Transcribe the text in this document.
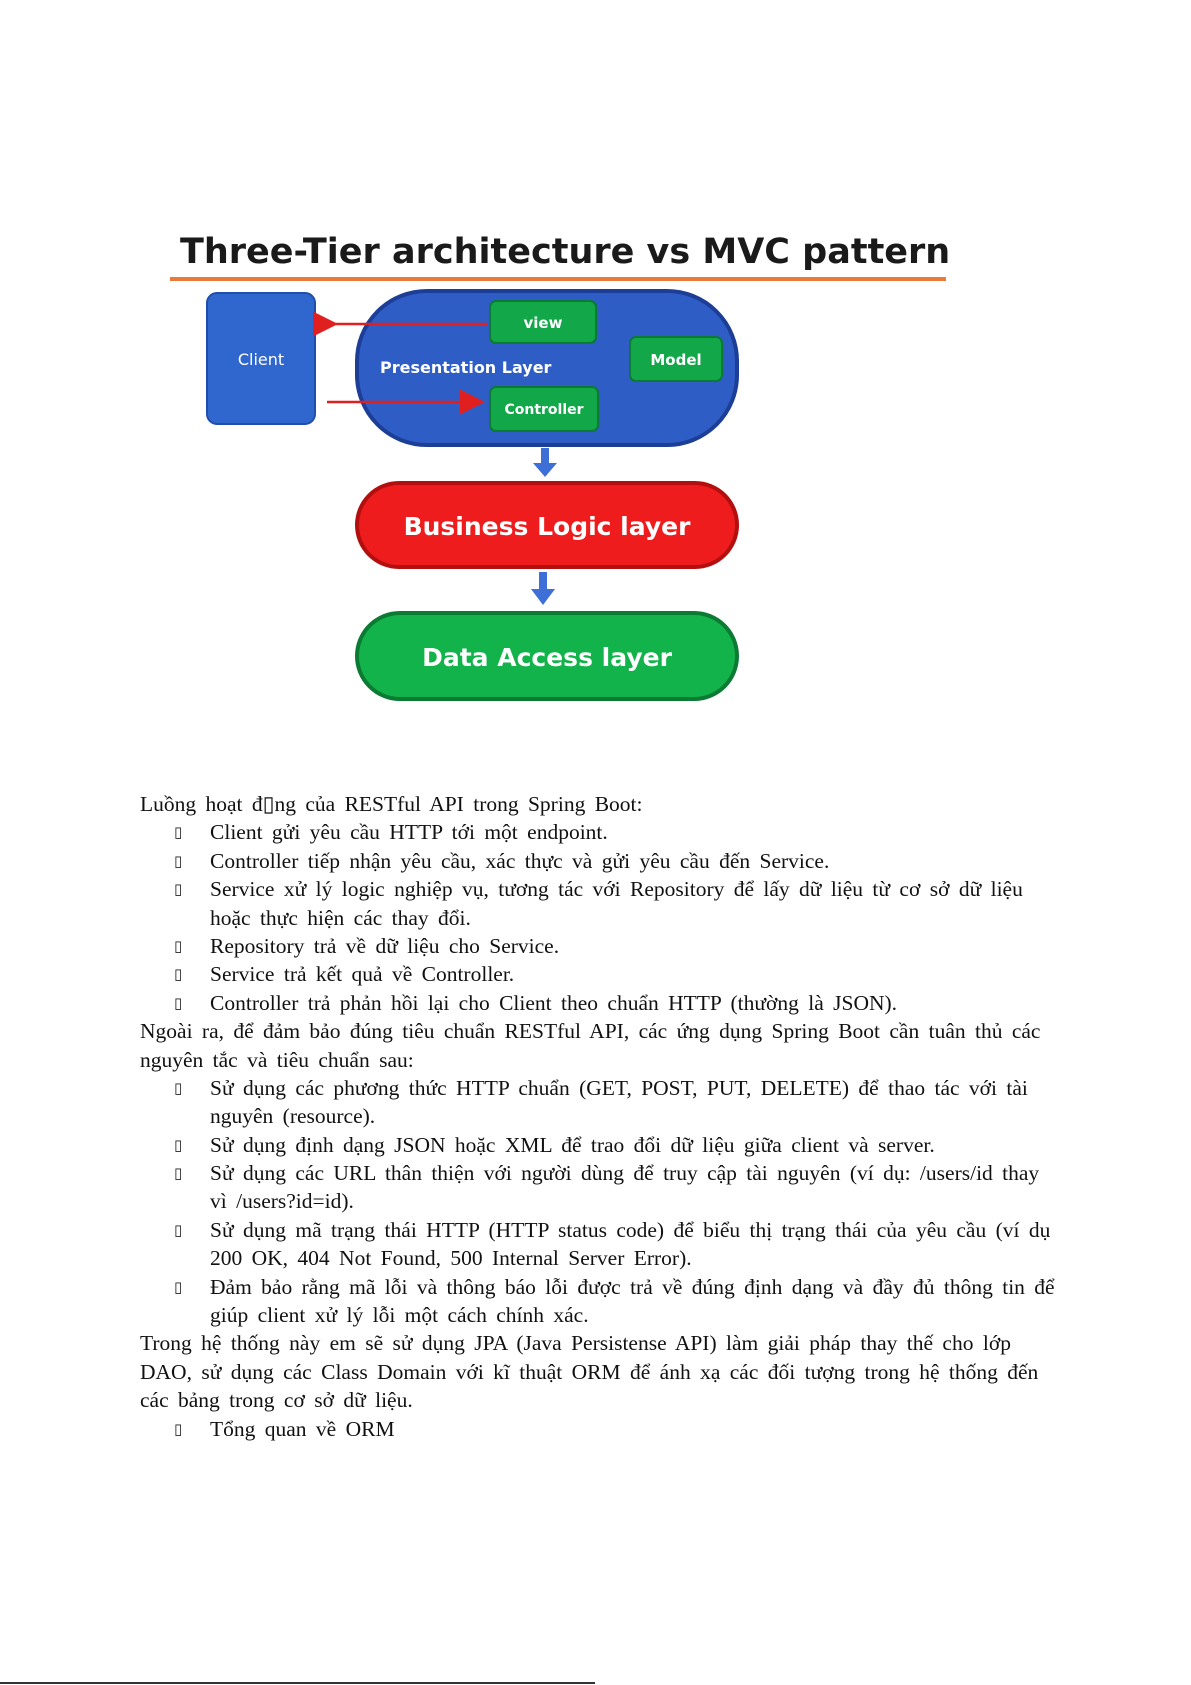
Three-Tier architecture vs MVC pattern
Client	Presentation Layer
view
Model
Controller
Business Logic layer
Data Access layer
Luồng hoạt đ▯ng của RESTful API trong Spring Boot:
▯ Client gửi yêu cầu HTTP tới một endpoint.
▯ Controller tiếp nhận yêu cầu, xác thực và gửi yêu cầu đến Service.
▯ Service xử lý logic nghiệp vụ, tương tác với Repository để lấy dữ liệu từ cơ sở dữ liệu
hoặc thực hiện các thay đổi.
▯ Repository trả về dữ liệu cho Service.
▯ Service trả kết quả về Controller.
▯ Controller trả phản hồi lại cho Client theo chuẩn HTTP (thường là JSON).
Ngoài ra, để đảm bảo đúng tiêu chuẩn RESTful API, các ứng dụng Spring Boot cần tuân thủ các
nguyên tắc và tiêu chuẩn sau:
▯ Sử dụng các phương thức HTTP chuẩn (GET, POST, PUT, DELETE) để thao tác với tài
nguyên (resource).
▯ Sử dụng định dạng JSON hoặc XML để trao đổi dữ liệu giữa client và server.
▯ Sử dụng các URL thân thiện với người dùng để truy cập tài nguyên (ví dụ: /users/id thay
vì /users?id=id).
▯ Sử dụng mã trạng thái HTTP (HTTP status code) để biểu thị trạng thái của yêu cầu (ví dụ
200 OK, 404 Not Found, 500 Internal Server Error).
▯ Đảm bảo rằng mã lỗi và thông báo lỗi được trả về đúng định dạng và đầy đủ thông tin để
giúp client xử lý lỗi một cách chính xác.
Trong hệ thống này em sẽ sử dụng JPA (Java Persistense API) làm giải pháp thay thế cho lớp
DAO, sử dụng các Class Domain với kĩ thuật ORM để ánh xạ các đối tượng trong hệ thống đến
các bảng trong cơ sở dữ liệu.
▯ Tổng quan về ORM
